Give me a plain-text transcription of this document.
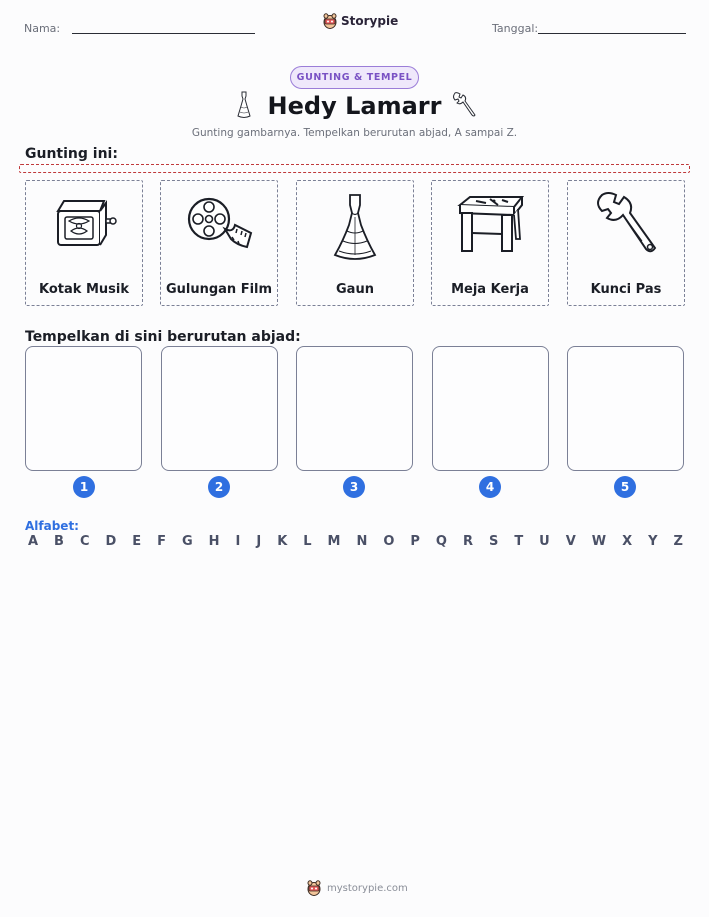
Nama:
Storypie
Tanggal:
GUNTING & TEMPEL
Hedy Lamarr
Gunting gambarnya. Tempelkan berurutan abjad, A sampai Z.
Gunting ini:
Kotak Musik	Gulungan Film	Gaun	Meja Kerja	Kunci Pas
Tempelkan di sini berurutan abjad:
1	2	3	4	5
Alfabet:
A B C D E F G H I J K L M N O P Q R S T U V W X Y Z
mystorypie.com
